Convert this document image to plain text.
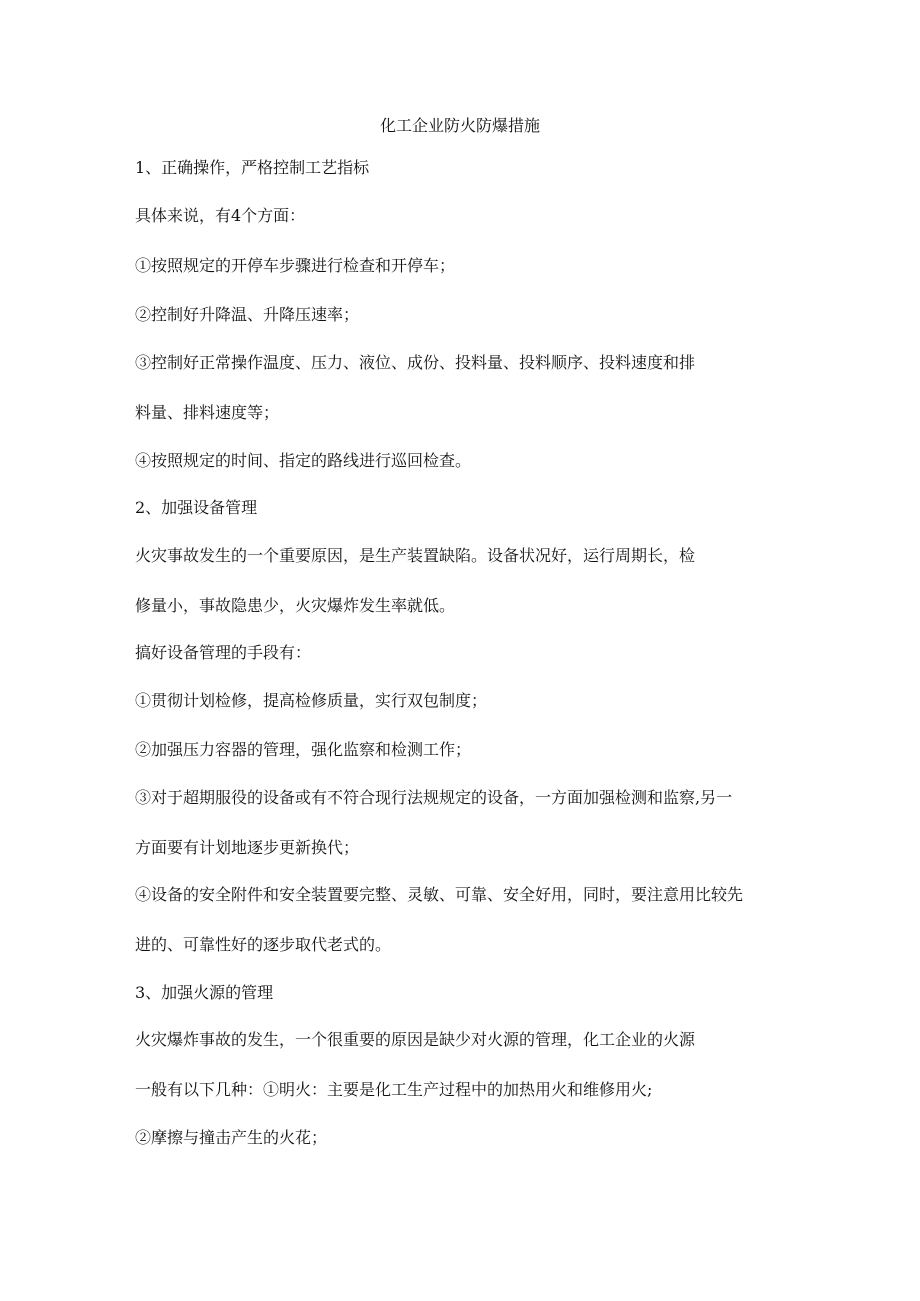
化工企业防火防爆措施
1、正确操作，严格控制工艺指标
具体来说，有4个方面：
①按照规定的开停车步骤进行检查和开停车；
②控制好升降温、升降压速率；
③控制好正常操作温度、压力、液位、成份、投料量、投料顺序、投料速度和排
料量、排料速度等；
④按照规定的时间、指定的路线进行巡回检查。
2、加强设备管理
火灾事故发生的一个重要原因，是生产装置缺陷。设备状况好，运行周期长，检
修量小，事故隐患少，火灾爆炸发生率就低。
搞好设备管理的手段有：
①贯彻计划检修，提高检修质量，实行双包制度；
②加强压力容器的管理，强化监察和检测工作；
③对于超期服役的设备或有不符合现行法规规定的设备，一方面加强检测和监察,另一
方面要有计划地逐步更新换代；
④设备的安全附件和安全装置要完整、灵敏、可靠、安全好用，同时，要注意用比较先
进的、可靠性好的逐步取代老式的。
3、加强火源的管理
火灾爆炸事故的发生，一个很重要的原因是缺少对火源的管理，化工企业的火源
一般有以下几种：①明火：主要是化工生产过程中的加热用火和维修用火;
②摩擦与撞击产生的火花；
